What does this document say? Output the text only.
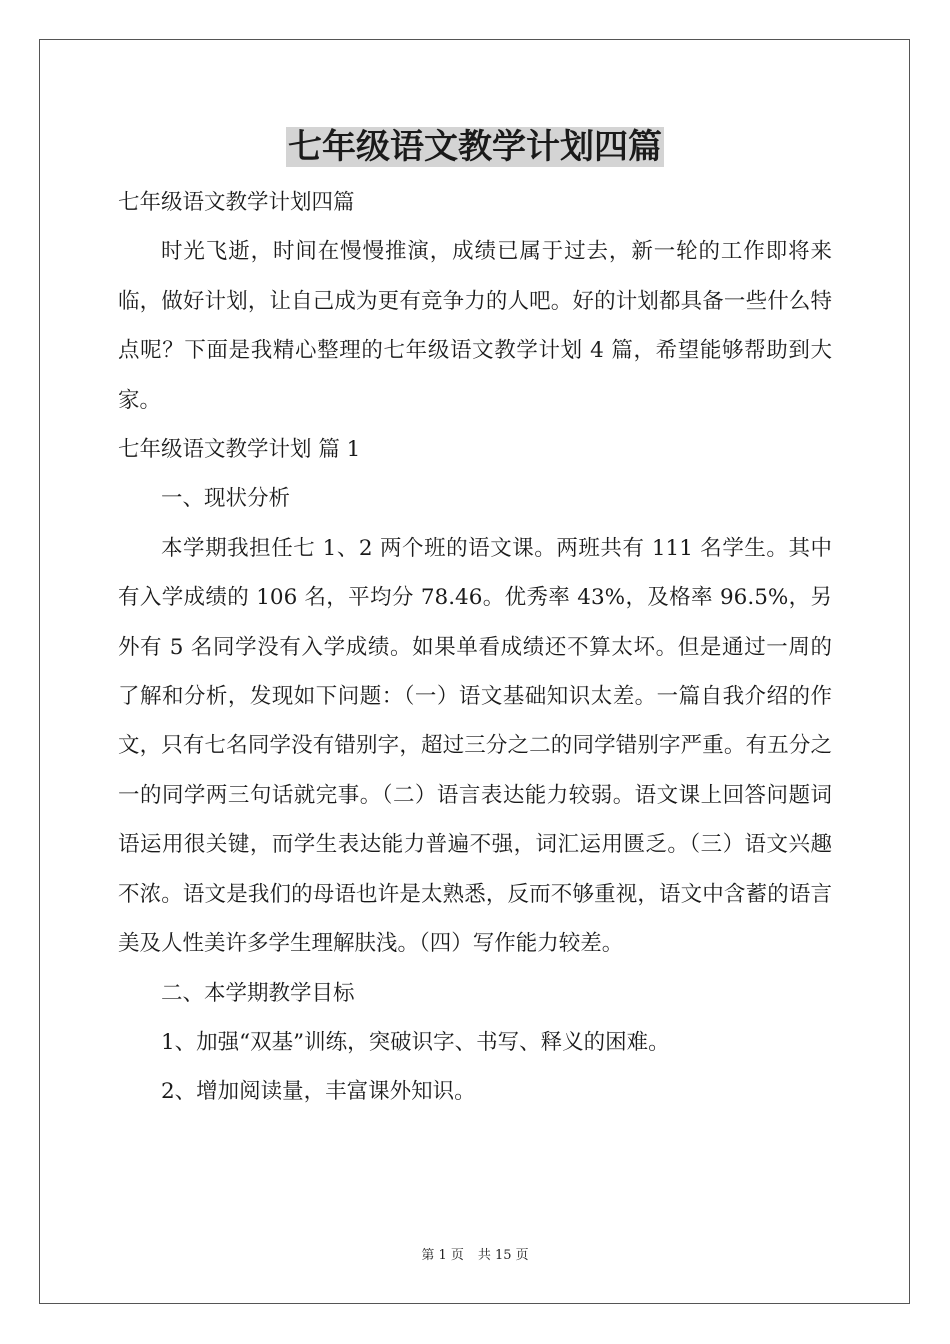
七年级语文教学计划四篇

七年级语文教学计划四篇

时光飞逝，时间在慢慢推演，成绩已属于过去，新一轮的工作即将来临，做好计划，让自己成为更有竞争力的人吧。好的计划都具备一些什么特点呢？下面是我精心整理的七年级语文教学计划 4 篇，希望能够帮助到大家。

七年级语文教学计划 篇 1

一、现状分析

本学期我担任七 1、2 两个班的语文课。两班共有 111 名学生。其中有入学成绩的 106 名，平均分 78.46。优秀率 43%，及格率 96.5%，另外有 5 名同学没有入学成绩。如果单看成绩还不算太坏。但是通过一周的了解和分析，发现如下问题：（一）语文基础知识太差。一篇自我介绍的作文，只有七名同学没有错别字，超过三分之二的同学错别字严重。有五分之一的同学两三句话就完事。（二）语言表达能力较弱。语文课上回答问题词语运用很关键，而学生表达能力普遍不强，词汇运用匮乏。（三）语文兴趣不浓。语文是我们的母语也许是太熟悉，反而不够重视，语文中含蓄的语言美及人性美许多学生理解肤浅。（四）写作能力较差。

二、本学期教学目标

1、加强“双基”训练，突破识字、书写、释义的困难。

2、增加阅读量，丰富课外知识。

第 1 页 共 15 页
